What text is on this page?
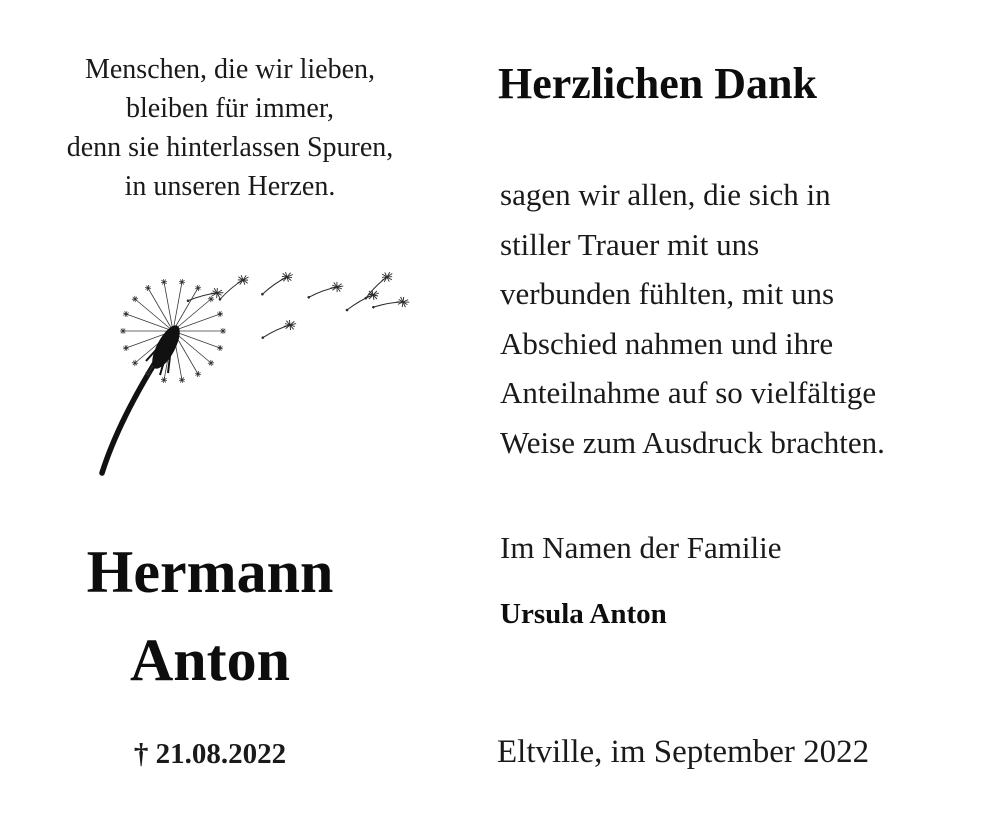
Menschen, die wir lieben,
bleiben für immer,
denn sie hinterlassen Spuren,
in unseren Herzen.
Hermann
Anton
† 21.08.2022
Herzlichen Dank
sagen wir allen, die sich in
stiller Trauer mit uns
verbunden fühlten, mit uns
Abschied nahmen und ihre
Anteilnahme auf so vielfältige
Weise zum Ausdruck brachten.
Im Namen der Familie
Ursula Anton
Eltville, im September 2022
